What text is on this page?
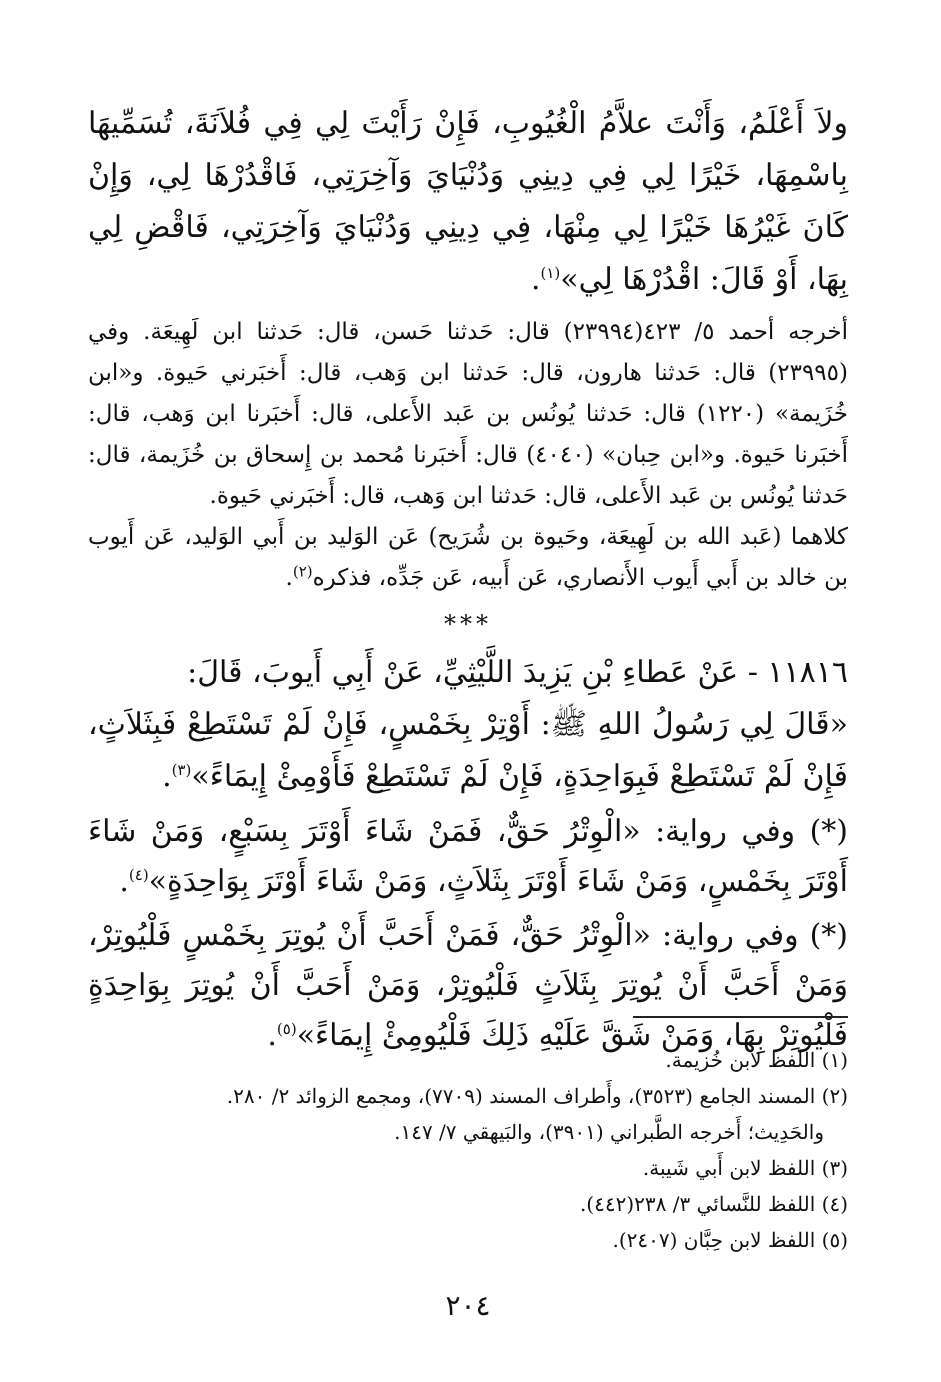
ولاَ أَعْلَمُ، وَأَنْتَ علاَّمُ الْغُيُوبِ، فَإِنْ رَأَيْتَ لِي فِي فُلاَنَةَ، تُسَمِّيهَا بِاسْمِهَا، خَيْرًا لِي فِي دِينِي وَدُنْيَايَ وَآخِرَتِي، فَاقْدُرْهَا لِي، وَإِنْ كَانَ غَيْرُهَا خَيْرًا لِي مِنْهَا، فِي دِينِي وَدُنْيَايَ وَآخِرَتِي، فَاقْضِ لِي بِهَا، أَوْ قَالَ: اقْدُرْهَا لِي»$^{(١)}$.

أخرجه أحمد ٥/ ٤٢٣(٢٣٩٩٤) قال: حَدثنا حَسن، قال: حَدثنا ابن لَهِيعَة. وفي (٢٣٩٩٥) قال: حَدثنا هارون، قال: حَدثنا ابن وَهب، قال: أَخبَرني حَيوة. و«ابن خُزَيمة» (١٢٢٠) قال: حَدثنا يُونُس بن عَبد الأَعلى، قال: أَخبَرنا ابن وَهب، قال: أَخبَرنا حَيوة. و«ابن حِبان» (٤٠٤٠) قال: أَخبَرنا مُحمد بن إِسحاق بن خُزَيمة، قال: حَدثنا يُونُس بن عَبد الأَعلى، قال: حَدثنا ابن وَهب، قال: أَخبَرني حَيوة.

كلاهما (عَبد الله بن لَهِيعَة، وحَيوة بن شُرَيح) عَن الوَليد بن أَبي الوَليد، عَن أَيوب بن خالد بن أَبي أَيوب الأَنصاري، عَن أَبيه، عَن جَدِّه، فذكره$^{(٢)}$.

***

١١٨١٦ - عَنْ عَطاءِ بْنِ يَزِيدَ اللَّيْثِيِّ، عَنْ أَبِي أَيوبَ، قَالَ:

«قَالَ لِي رَسُولُ اللهِ ﷺ: أَوْتِرْ بِخَمْسٍ، فَإِنْ لَمْ تَسْتَطِعْ فَبِثَلاَثٍ، فَإِنْ لَمْ تَسْتَطِعْ فَبِوَاحِدَةٍ، فَإِنْ لَمْ تَسْتَطِعْ فَأَوْمِئْ إِيمَاءً»$^{(٣)}$.

(*) وفي رواية: «الْوِتْرُ حَقٌّ، فَمَنْ شَاءَ أَوْتَرَ بِسَبْعٍ، وَمَنْ شَاءَ أَوْتَرَ بِخَمْسٍ، وَمَنْ شَاءَ أَوْتَرَ بِثَلاَثٍ، وَمَنْ شَاءَ أَوْتَرَ بِوَاحِدَةٍ»$^{(٤)}$.

(*) وفي رواية: «الْوِتْرُ حَقٌّ، فَمَنْ أَحَبَّ أَنْ يُوتِرَ بِخَمْسٍ فَلْيُوتِرْ، وَمَنْ أَحَبَّ أَنْ يُوتِرَ بِثَلاَثٍ فَلْيُوتِرْ، وَمَنْ أَحَبَّ أَنْ يُوتِرَ بِوَاحِدَةٍ فَلْيُوتِرْ بِهَا، وَمَنْ شَقَّ عَلَيْهِ ذَلِكَ فَلْيُومِئْ إِيمَاءً»$^{(٥)}$.

(١) اللفظ لابن خُزيمة.
(٢) المسند الجامع (٣٥٢٣)، وأَطراف المسند (٧٧٠٩)، ومجمع الزوائد ٢/ ٢٨٠.
والحَدِيث؛ أَخرجه الطَّبراني (٣٩٠١)، والبَيهقي ٧/ ١٤٧.
(٣) اللفظ لابن أَبي شَيبة.
(٤) اللفظ للنَّسائي ٣/ ٢٣٨(٤٤٢).
(٥) اللفظ لابن حِبَّان (٢٤٠٧).
٢٠٤
